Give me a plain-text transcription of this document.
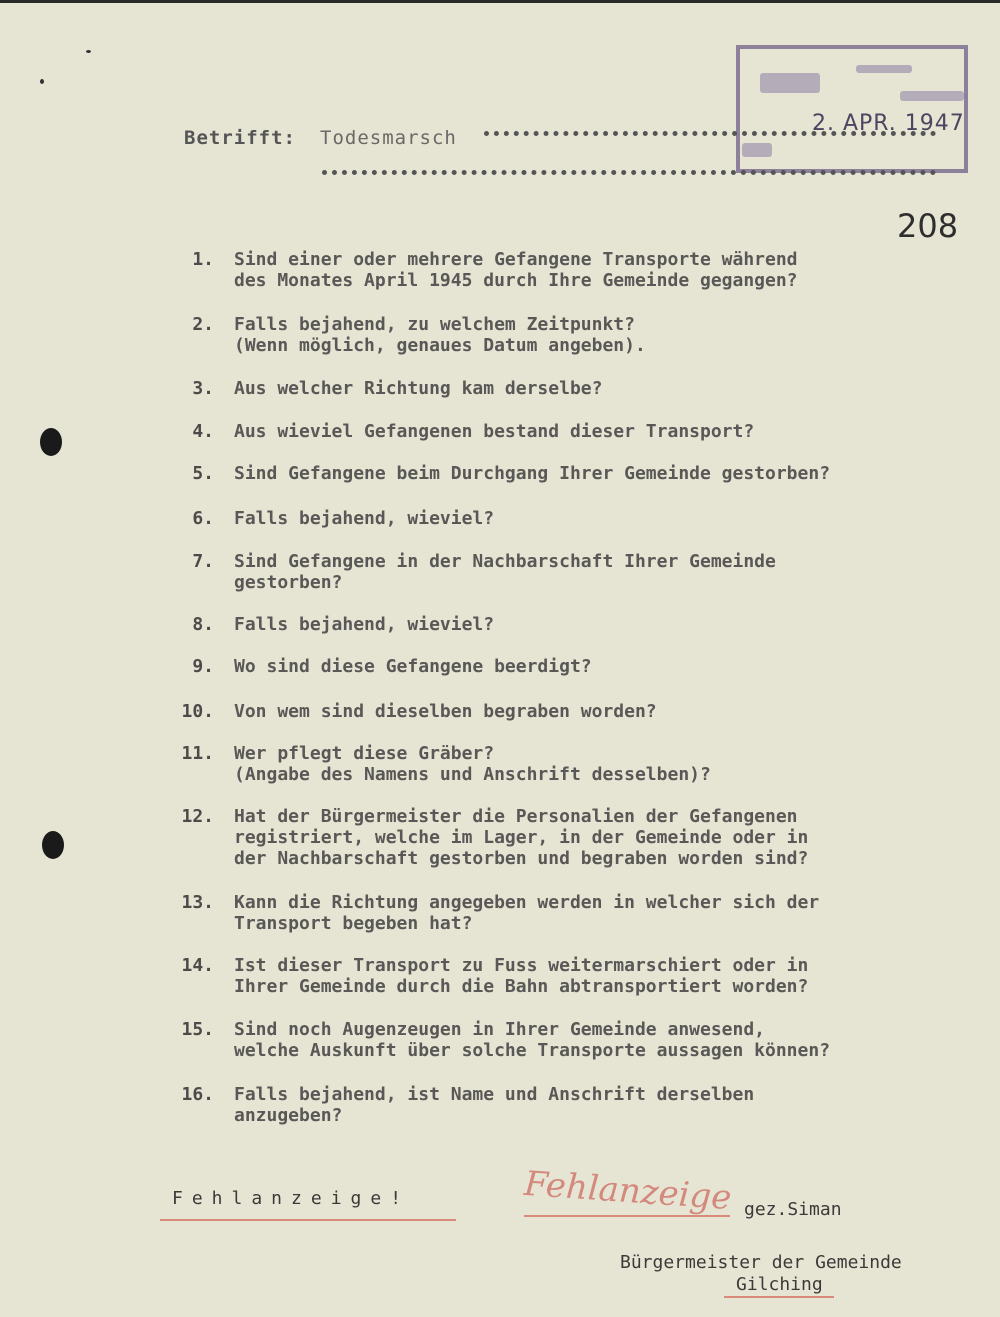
2. APR. 1947
208
Betrifft: Todesmarsch
1. Sind einer oder mehrere Gefangene Transporte während
des Monates April 1945 durch Ihre Gemeinde gegangen?
2. Falls bejahend, zu welchem Zeitpunkt?
(Wenn möglich, genaues Datum angeben).
3. Aus welcher Richtung kam derselbe?
4. Aus wieviel Gefangenen bestand dieser Transport?
5. Sind Gefangene beim Durchgang Ihrer Gemeinde gestorben?
6. Falls bejahend, wieviel?
7. Sind Gefangene in der Nachbarschaft Ihrer Gemeinde
gestorben?
8. Falls bejahend, wieviel?
9. Wo sind diese Gefangene beerdigt?
10. Von wem sind dieselben begraben worden?
11. Wer pflegt diese Gräber?
(Angabe des Namens und Anschrift desselben)?
12. Hat der Bürgermeister die Personalien der Gefangenen
registriert, welche im Lager, in der Gemeinde oder in
der Nachbarschaft gestorben und begraben worden sind?
13. Kann die Richtung angegeben werden in welcher sich der
Transport begeben hat?
14. Ist dieser Transport zu Fuss weitermarschiert oder in
Ihrer Gemeinde durch die Bahn abtransportiert worden?
15. Sind noch Augenzeugen in Ihrer Gemeinde anwesend,
welche Auskunft über solche Transporte aussagen können?
16. Falls bejahend, ist Name und Anschrift derselben
anzugeben?
Fehlanzeige!	Fehlanzeige gez.Siman
Bürgermeister der Gemeinde
Gilching
